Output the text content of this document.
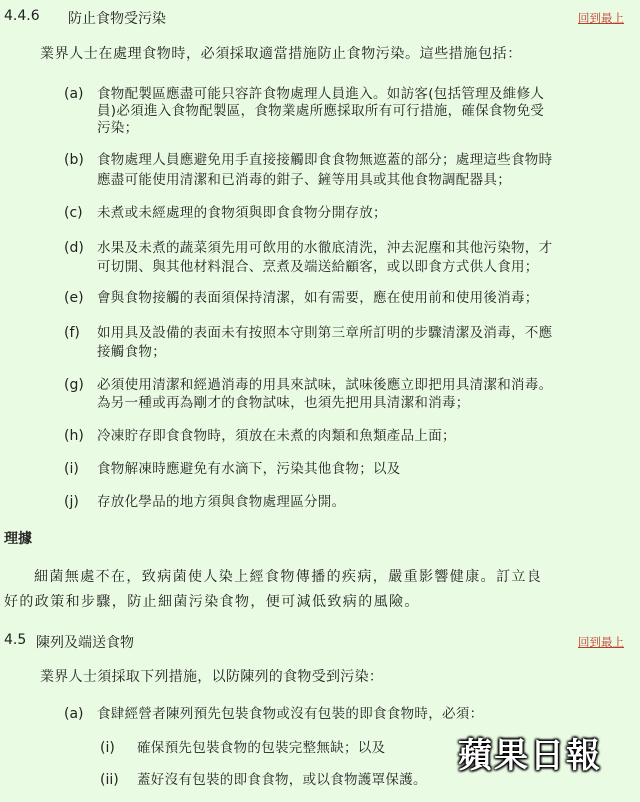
4.4.6 防止食物受污染	回到最上
業界人士在處理食物時，必須採取適當措施防止食物污染。這些措施包括：
(a) 食物配製區應盡可能只容許食物處理人員進入。如訪客(包括管理及維修人
員)必須進入食物配製區，食物業處所應採取所有可行措施，確保食物免受
污染；
(b) 食物處理人員應避免用手直接接觸即食食物無遮蓋的部分；處理這些食物時
應盡可能使用清潔和已消毒的鉗子、鏟等用具或其他食物調配器具；
(c) 未煮或未經處理的食物須與即食食物分開存放；
(d) 水果及未煮的蔬菜須先用可飲用的水徹底清洗，沖去泥塵和其他污染物，才
可切開、與其他材料混合、烹煮及端送給顧客，或以即食方式供人食用；
(e) 會與食物接觸的表面須保持清潔，如有需要，應在使用前和使用後消毒；
(f) 如用具及設備的表面未有按照本守則第三章所訂明的步驟清潔及消毒，不應
接觸食物；
(g) 必須使用清潔和經過消毒的用具來試味，試味後應立即把用具清潔和消毒。
為另一種或再為剛才的食物試味，也須先把用具清潔和消毒；
(h) 冷凍貯存即食食物時，須放在未煮的肉類和魚類產品上面；
(i) 食物解凍時應避免有水滴下，污染其他食物；以及
(j) 存放化學品的地方須與食物處理區分開。
理據
細菌無處不在，致病菌使人染上經食物傳播的疾病，嚴重影響健康。訂立良
好的政策和步驟，防止細菌污染食物，便可減低致病的風險。
4.5 陳列及端送食物	回到最上
業界人士須採取下列措施，以防陳列的食物受到污染：
(a) 食肆經營者陳列預先包裝食物或沒有包裝的即食食物時，必須：
(i) 確保預先包裝食物的包裝完整無缺；以及
(ii) 蓋好沒有包裝的即食食物，或以食物護罩保護。
蘋果日報
